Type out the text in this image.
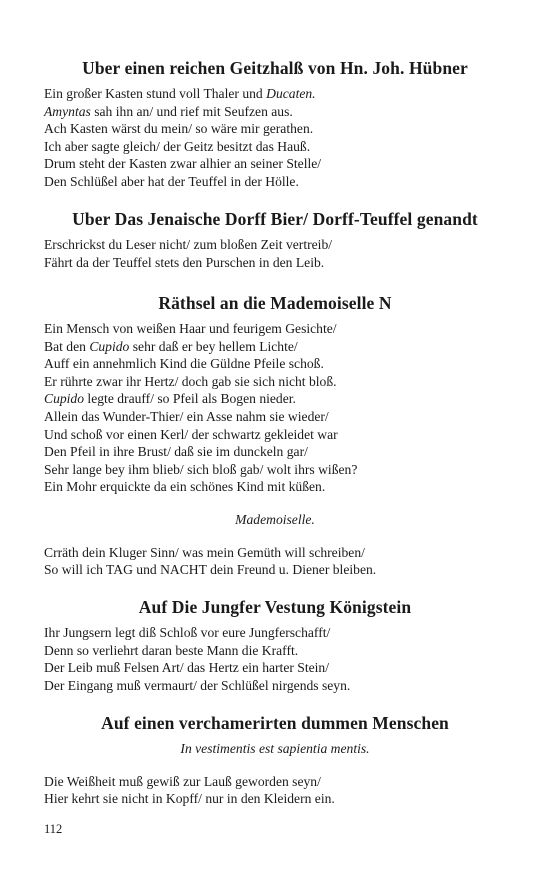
Uber einen reichen Geitzhalß von Hn. Joh. Hübner
Ein großer Kasten stund voll Thaler und Ducaten.
Amyntas sah ihn an/ und rief mit Seufzen aus.
Ach Kasten wärst du mein/ so wäre mir gerathen.
Ich aber sagte gleich/ der Geitz besitzt das Hauß.
Drum steht der Kasten zwar alhier an seiner Stelle/
Den Schlüßel aber hat der Teuffel in der Hölle.
Uber Das Jenaische Dorff Bier/ Dorff-Teuffel genandt
Erschrickst du Leser nicht/ zum bloßen Zeit vertreib/
Fährt da der Teuffel stets den Purschen in den Leib.
Räthsel an die Mademoiselle N
Ein Mensch von weißen Haar und feurigem Gesichte/
Bat den Cupido sehr daß er bey hellem Lichte/
Auff ein annehmlich Kind die Güldne Pfeile schoß.
Er rührte zwar ihr Hertz/ doch gab sie sich nicht bloß.
Cupido legte drauff/ so Pfeil als Bogen nieder.
Allein das Wunder-Thier/ ein Asse nahm sie wieder/
Und schoß vor einen Kerl/ der schwartz gekleidet war
Den Pfeil in ihre Brust/ daß sie im dunckeln gar/
Sehr lange bey ihm blieb/ sich bloß gab/ wolt ihrs wißen?
Ein Mohr erquickte da ein schönes Kind mit küßen.
Mademoiselle.
Crräth dein Kluger Sinn/ was mein Gemüth will schreiben/
So will ich TAG und NACHT dein Freund u. Diener bleiben.
Auf Die Jungfer Vestung Königstein
Ihr Jungsern legt diß Schloß vor eure Jungferschafft/
Denn so verliehrt daran beste Mann die Krafft.
Der Leib muß Felsen Art/ das Hertz ein harter Stein/
Der Eingang muß vermaurt/ der Schlüßel nirgends seyn.
Auf einen verchamerirten dummen Menschen
In vestimentis est sapientia mentis.
Die Weißheit muß gewiß zur Lauß geworden seyn/
Hier kehrt sie nicht in Kopff/ nur in den Kleidern ein.
112
